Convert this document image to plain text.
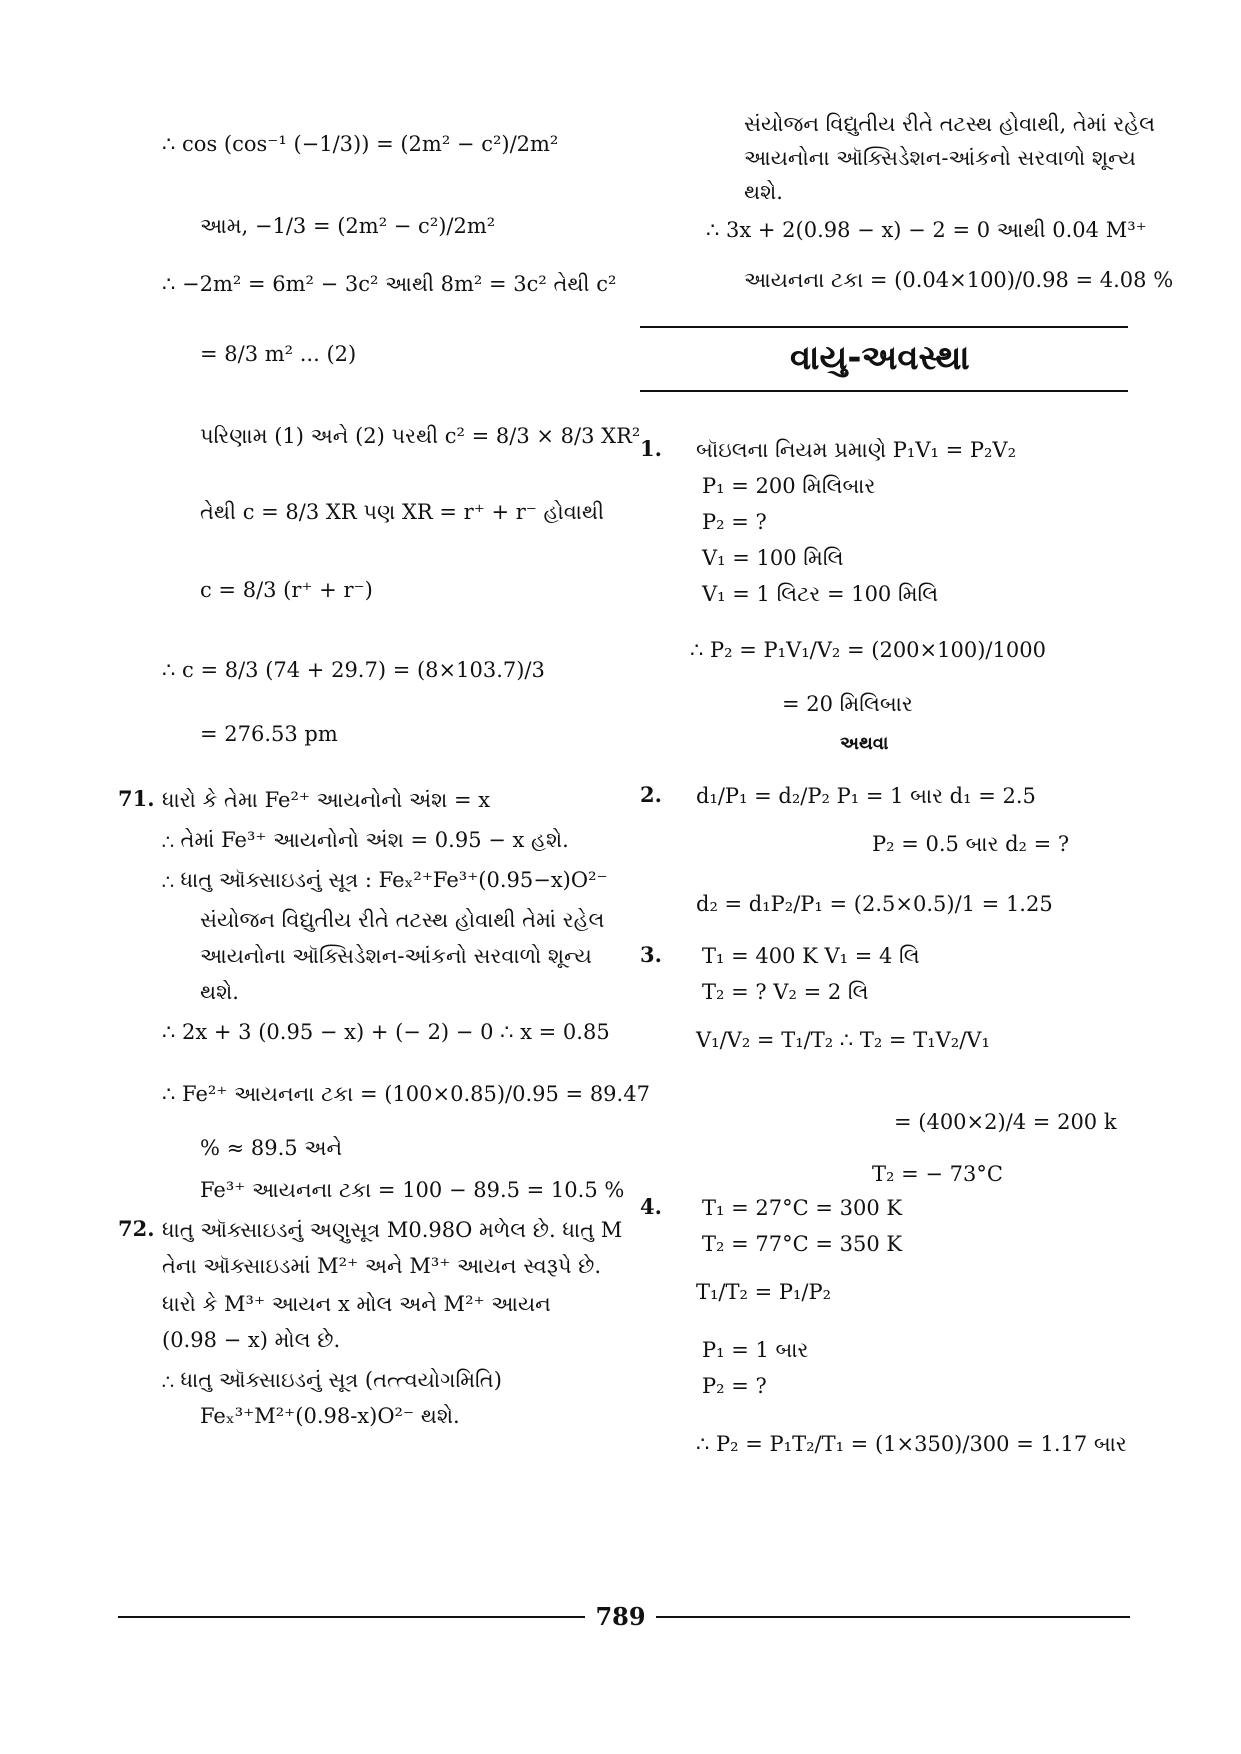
∴ cos (cos⁻¹ (−1/3)) = (2m² − c²)/2m²
આમ, −1/3 = (2m² − c²)/2m²
∴ −2m² = 6m² − 3c² આથી 8m² = 3c² તેથી c²
= 8/3 m² ... (2)
પરિણામ (1) અને (2) પરથી c² = 8/3 × 8/3 XR²
તેથી c = 8/3 XR પણ XR = r⁺ + r⁻ હોવાથી
c = 8/3 (r⁺ + r⁻)
∴ c = 8/3 (74 + 29.7) = (8×103.7)/3
= 276.53 pm
71. ધારો કે તેમા Fe²⁺ આયનોનો અંશ = x
∴ તેમાં Fe³⁺ આયનોનો અંશ = 0.95 − x હશે.
∴ ધાતુ ઑક્સાઇડનું સૂત્ર : Feₓ²⁺Fe³⁺(0.95−x)O²⁻
સંયોજન વિદ્યુતીય રીતે તટસ્થ હોવાથી તેમાં રહેલ
આયનોના ઑક્સિડેશન-આંકનો સરવાળો શૂન્ય
થશે.
∴ 2x + 3 (0.95 − x) + (− 2) − 0 ∴ x = 0.85
∴ Fe²⁺ આયનના ટકા = (100×0.85)/0.95 = 89.47
% ≈ 89.5 અને
Fe³⁺ આયનના ટકા = 100 − 89.5 = 10.5 %
72. ધાતુ ઑક્સાઇડનું અણુસૂત્ર M0.98O મળેલ છે. ધાતુ M
તેના ઑક્સાઇડમાં M²⁺ અને M³⁺ આયન સ્વરૂપે છે.
ધારો કે M³⁺ આયન x મોલ અને M²⁺ આયન
(0.98 − x) મોલ છે.
∴ ધાતુ ઑક્સાઇડનું સૂત્ર (તત્ત્વયોગમિતિ)
Feₓ³⁺M²⁺(0.98-x)O²⁻ થશે.
સંયોજન વિદ્યુતીય રીતે તટસ્થ હોવાથી, તેમાં રહેલ
આયનોના ઑક્સિડેશન-આંકનો સરવાળો શૂન્ય
થશે.
∴ 3x + 2(0.98 − x) − 2 = 0 આથી 0.04 M³⁺
આયનના ટકા = (0.04×100)/0.98 = 4.08 %
વાયુ-અવસ્થા
1. બૉઇલના નિયમ પ્રમાણે P₁V₁ = P₂V₂
P₁ = 200 મિલિબાર
P₂ = ?
V₁ = 100 મિલિ
V₁ = 1 લિટર = 100 મિલિ
∴ P₂ = P₁V₁/V₂ = (200×100)/1000
= 20 મિલિબાર
અથવા
2. d₁/P₁ = d₂/P₂ P₁ = 1 બાર d₁ = 2.5
P₂ = 0.5 બાર d₂ = ?
d₂ = d₁P₂/P₁ = (2.5×0.5)/1 = 1.25
3. T₁ = 400 K V₁ = 4 લિ
T₂ = ? V₂ = 2 લિ
V₁/V₂ = T₁/T₂ ∴ T₂ = T₁V₂/V₁
= (400×2)/4 = 200 k
T₂ = − 73°C
4. T₁ = 27°C = 300 K
T₂ = 77°C = 350 K
T₁/T₂ = P₁/P₂
P₁ = 1 બાર
P₂ = ?
∴ P₂ = P₁T₂/T₁ = (1×350)/300 = 1.17 બાર
789
